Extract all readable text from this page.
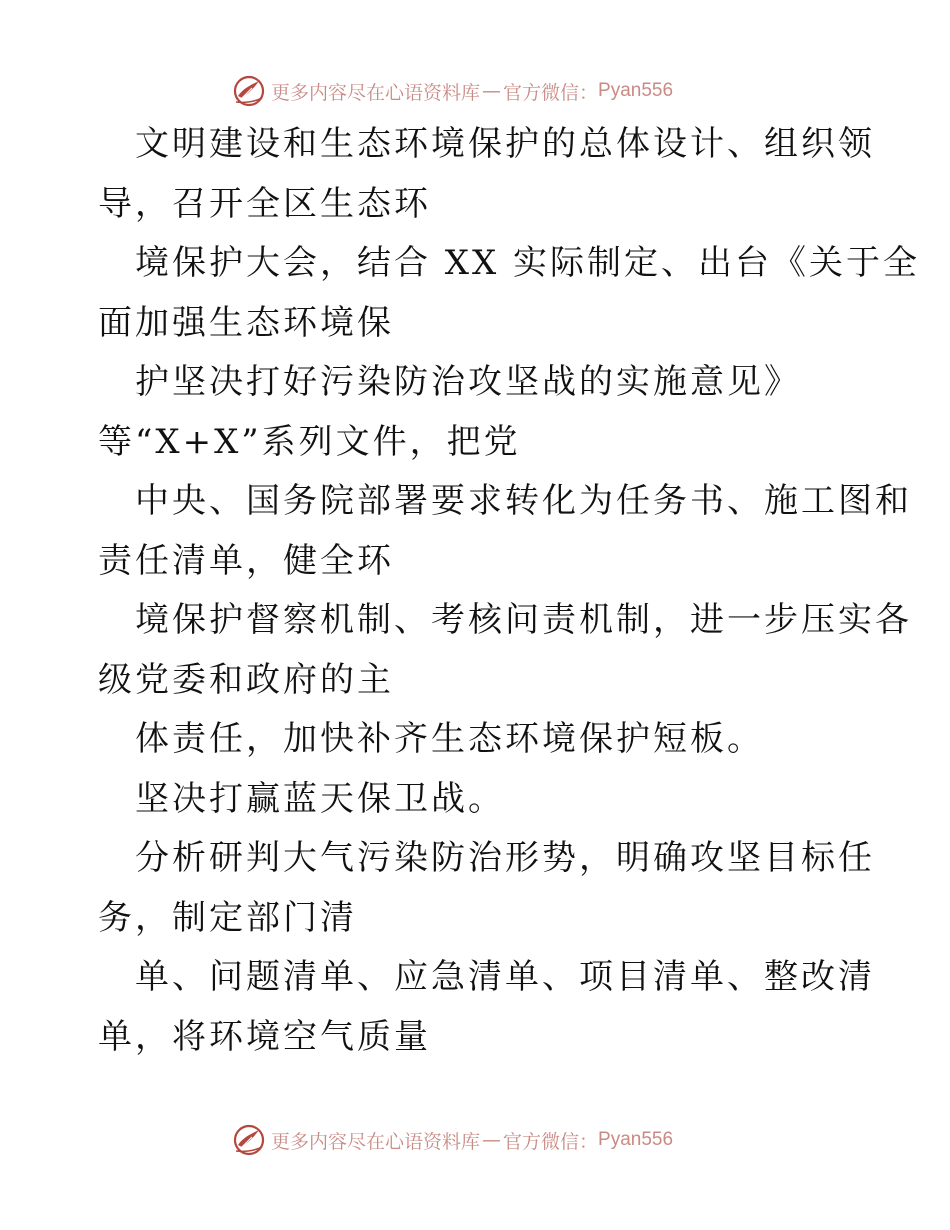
更多内容尽在心语资料库 — 官方微信： Pyan556
文明建设和生态环境保护的总体设计、组织领
导，召开全区生态环
境保护大会，结合 XX 实际制定、出台《关于全
面加强生态环境保
护坚决打好污染防治攻坚战的实施意见》
等“X+X”系列文件，把党
中央、国务院部署要求转化为任务书、施工图和
责任清单，健全环
境保护督察机制、考核问责机制，进一步压实各
级党委和政府的主
体责任，加快补齐生态环境保护短板。
坚决打赢蓝天保卫战。
分析研判大气污染防治形势，明确攻坚目标任
务，制定部门清
单、问题清单、应急清单、项目清单、整改清
单，将环境空气质量
更多内容尽在心语资料库 — 官方微信： Pyan556
